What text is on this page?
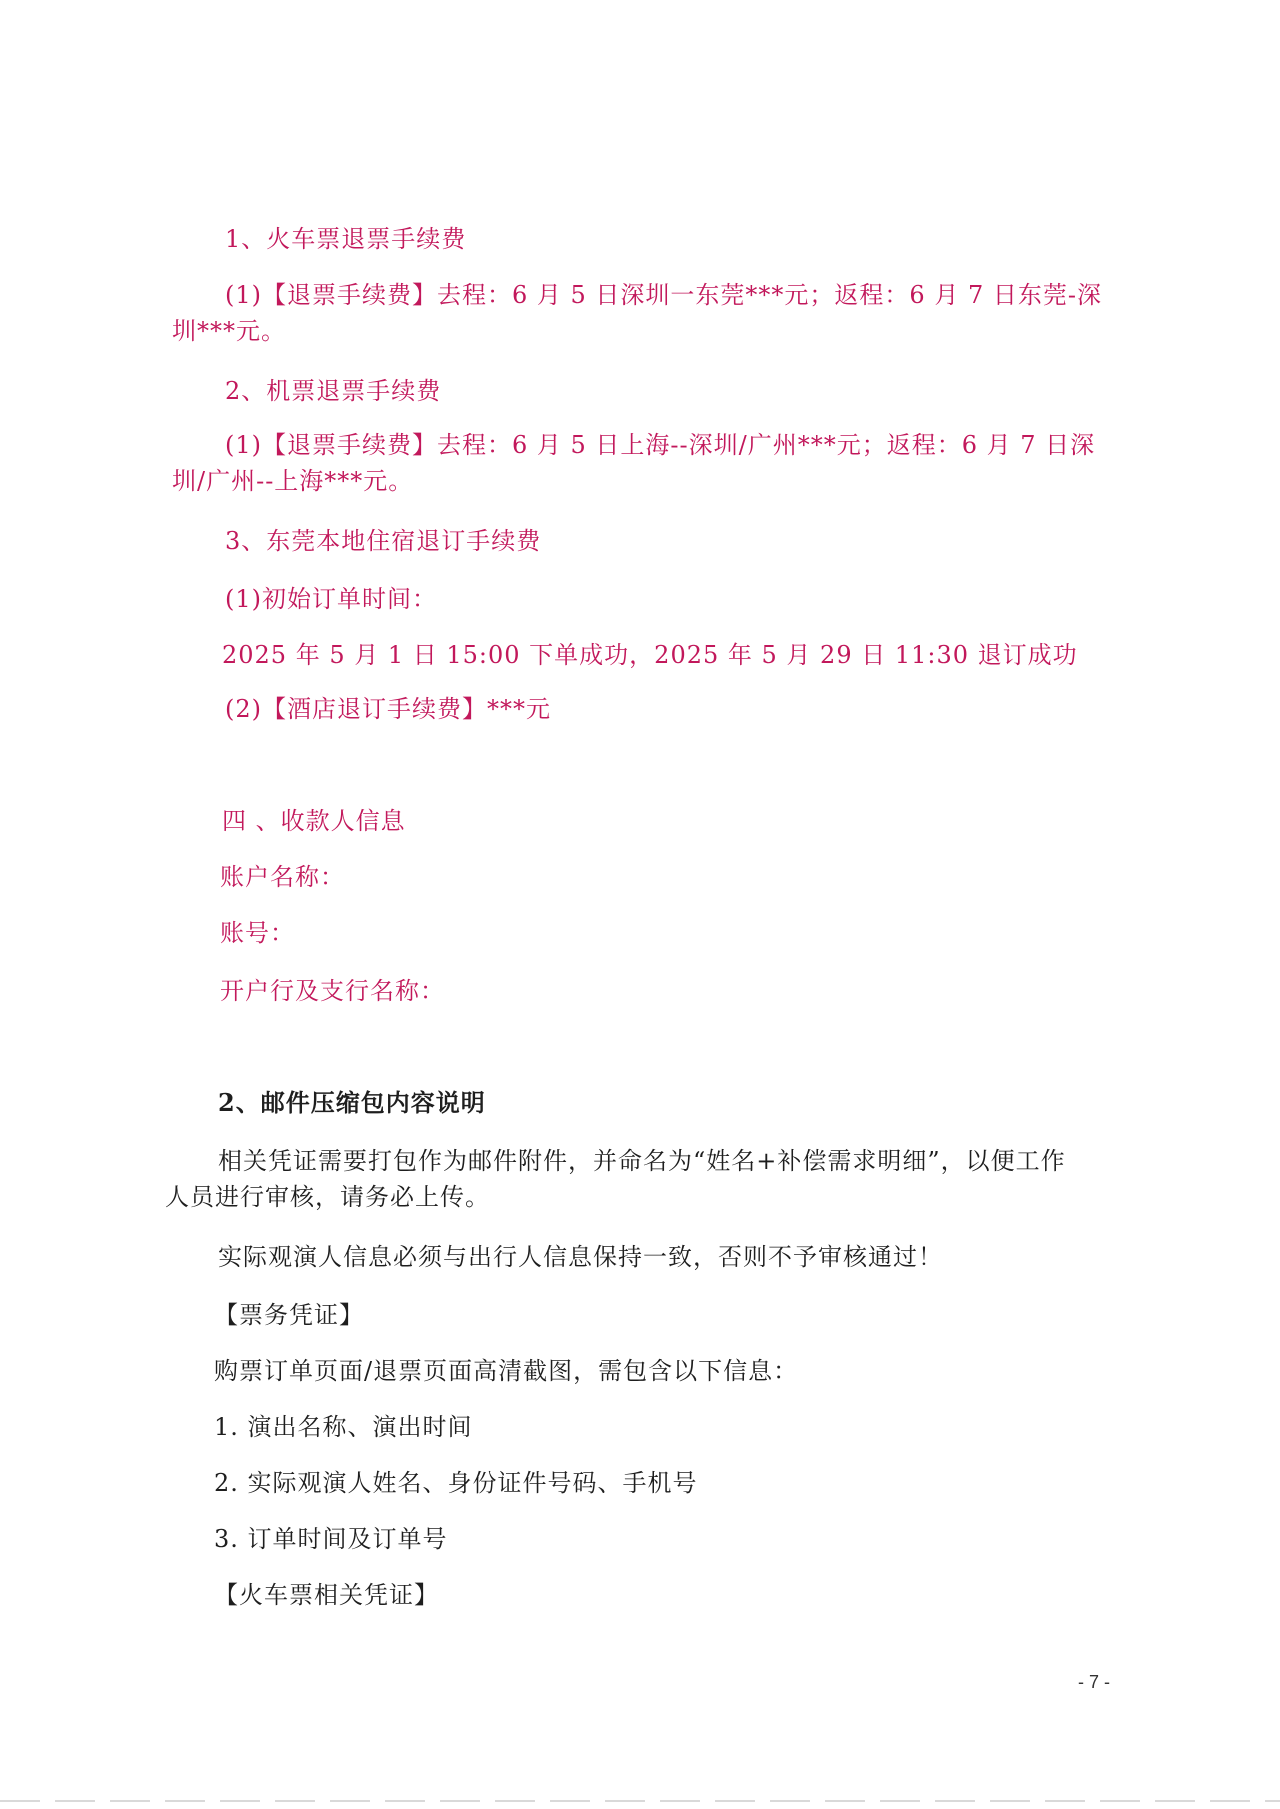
1、火车票退票手续费
(1)【退票手续费】去程：6 月 5 日深圳一东莞***元；返程：6 月 7 日东莞-深
圳***元。
2、机票退票手续费
(1)【退票手续费】去程：6 月 5 日上海--深圳/广州***元；返程：6 月 7 日深
圳/广州--上海***元。
3、东莞本地住宿退订手续费
(1)初始订单时间：
2025 年 5 月 1 日 15:00 下单成功，2025 年 5 月 29 日 11:30 退订成功
(2)【酒店退订手续费】***元
四 、收款人信息
账户名称：
账号：
开户行及支行名称：
2、邮件压缩包内容说明
相关凭证需要打包作为邮件附件，并命名为“姓名+补偿需求明细”，以便工作
人员进行审核，请务必上传。
实际观演人信息必须与出行人信息保持一致，否则不予审核通过！
【票务凭证】
购票订单页面/退票页面高清截图，需包含以下信息：
1. 演出名称、演出时间
2. 实际观演人姓名、身份证件号码、手机号
3. 订单时间及订单号
【火车票相关凭证】
- 7 -
